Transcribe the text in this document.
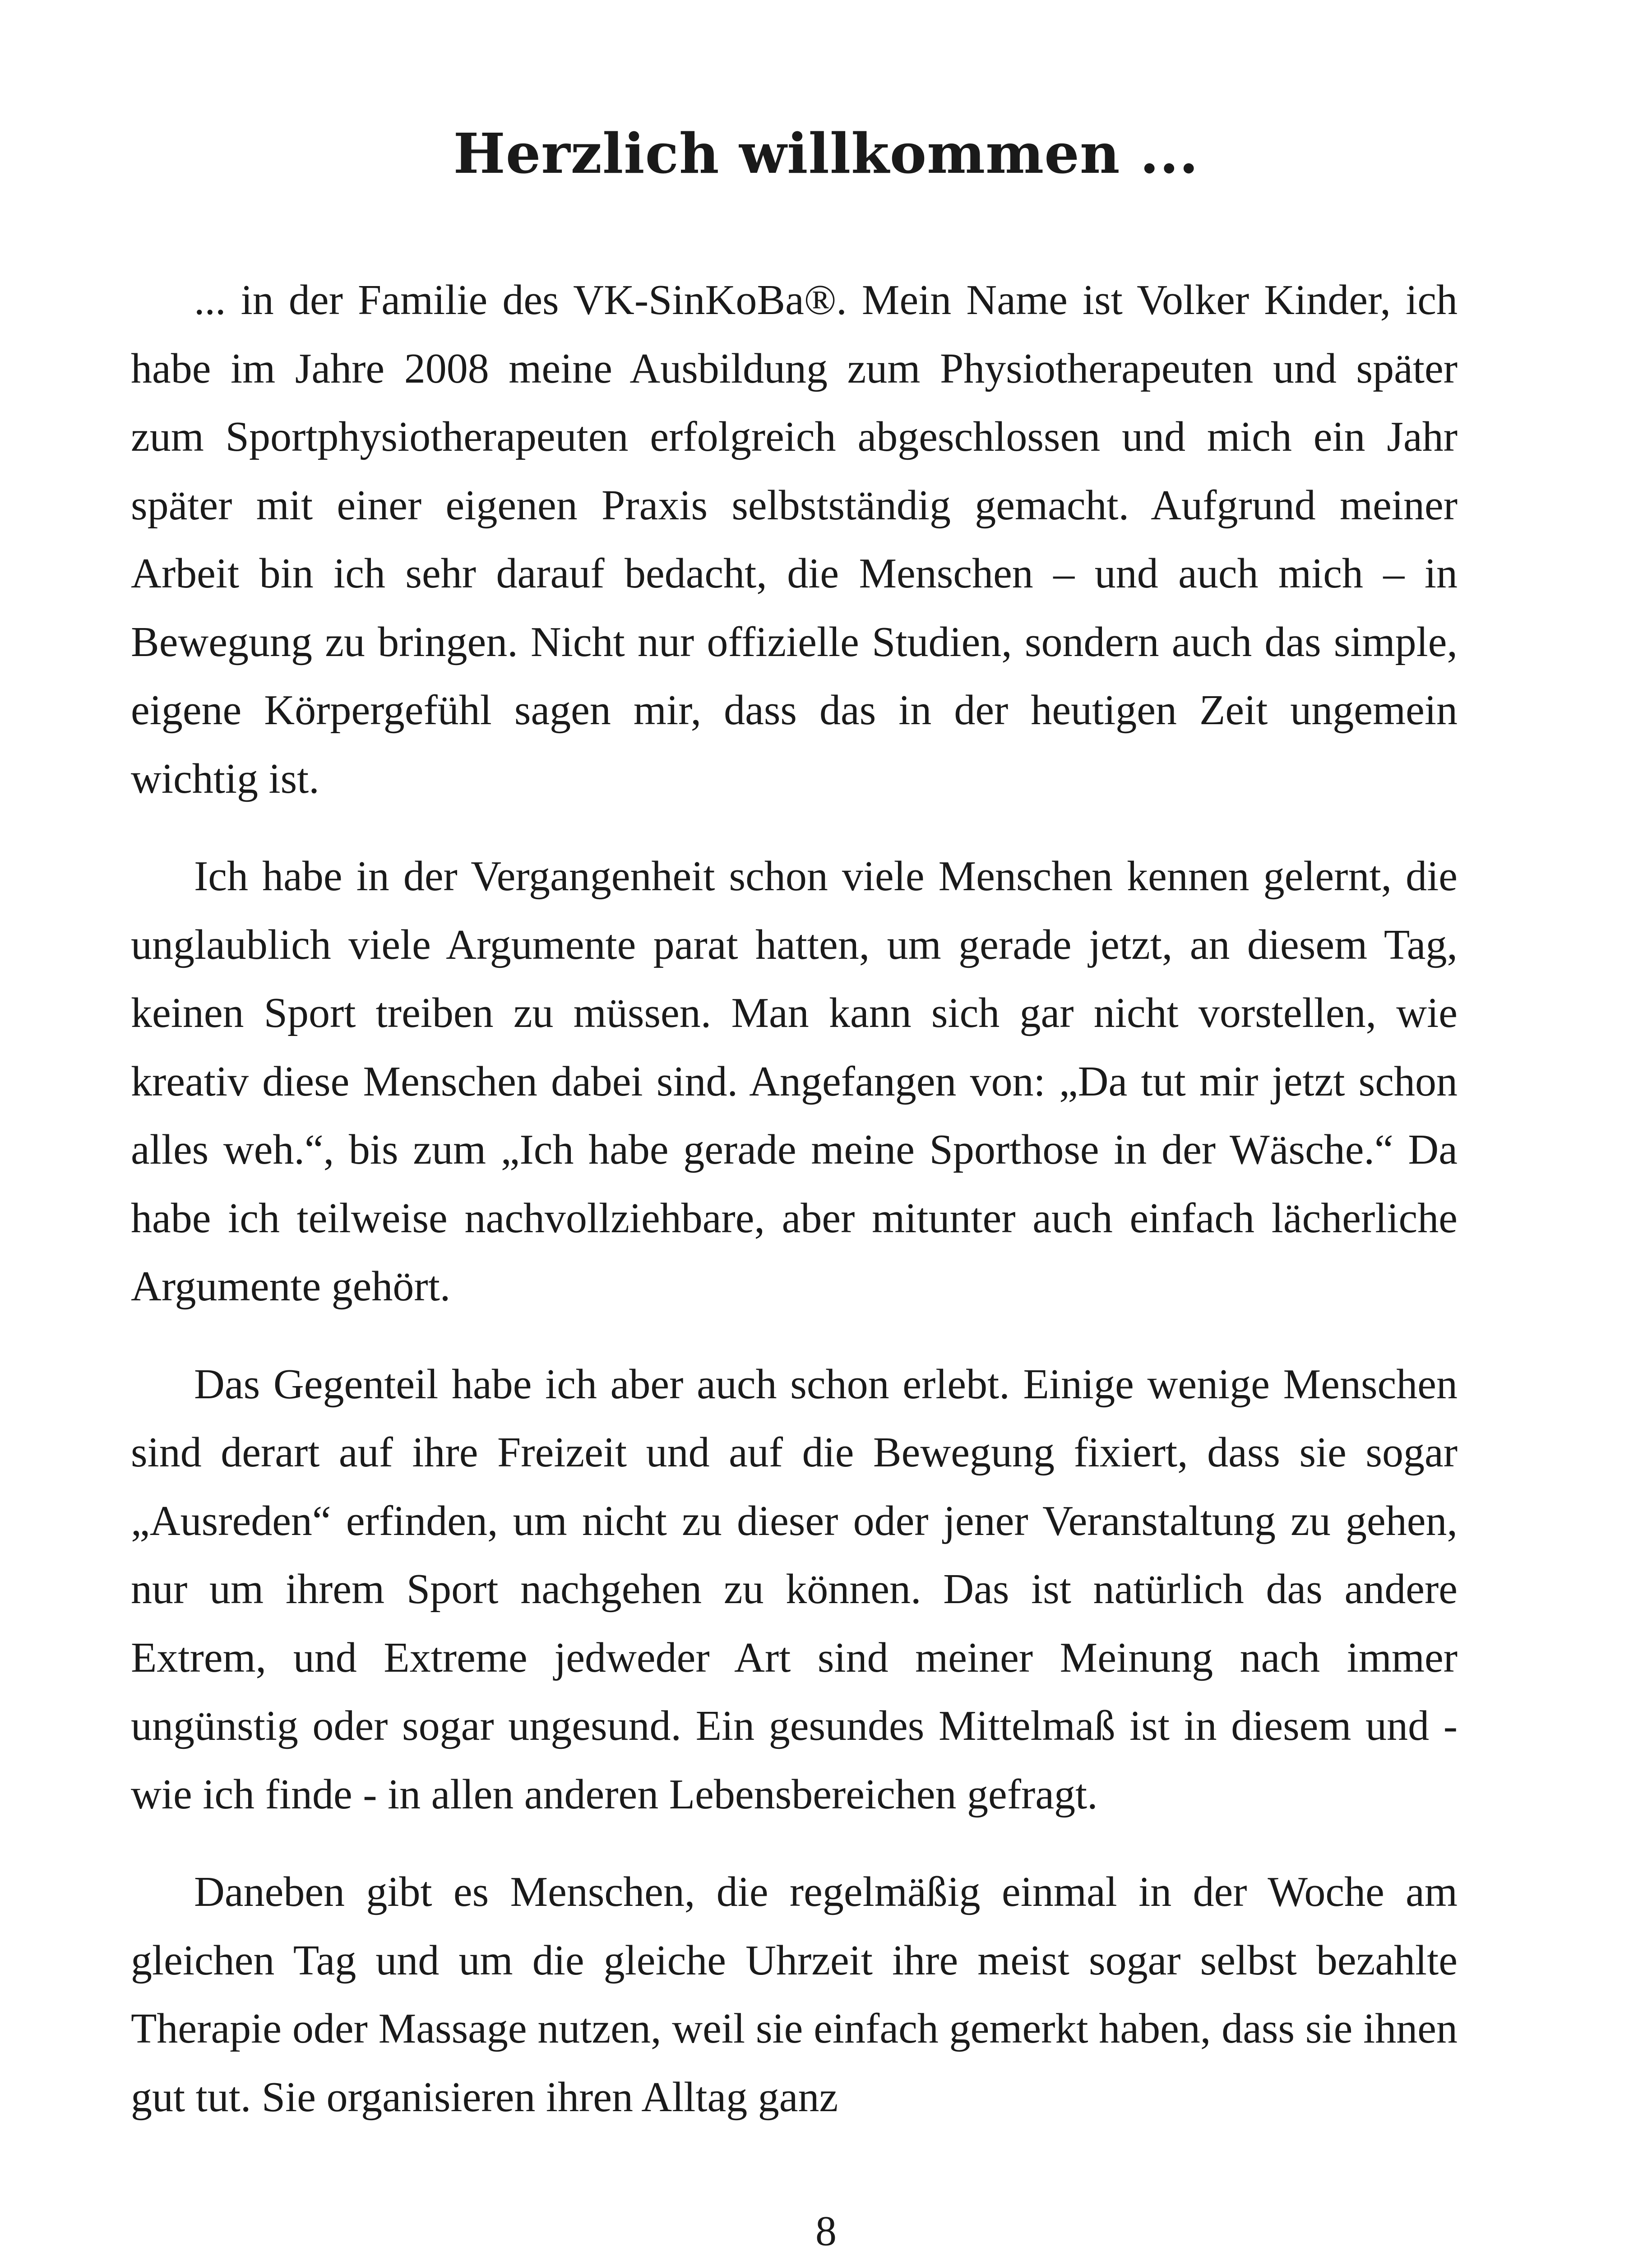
Herzlich willkommen ...

... in der Familie des VK-SinKoBa®. Mein Name ist Volker Kinder, ich habe im Jahre 2008 meine Ausbildung zum Physiotherapeuten und später zum Sportphysiotherapeuten erfolgreich abgeschlossen und mich ein Jahr später mit einer eigenen Praxis selbstständig gemacht. Aufgrund meiner Arbeit bin ich sehr darauf bedacht, die Menschen – und auch mich – in Bewegung zu bringen. Nicht nur offizielle Studien, sondern auch das simple, eigene Körpergefühl sagen mir, dass das in der heutigen Zeit ungemein wichtig ist.

Ich habe in der Vergangenheit schon viele Menschen kennen gelernt, die unglaublich viele Argumente parat hatten, um gerade jetzt, an diesem Tag, keinen Sport treiben zu müssen. Man kann sich gar nicht vorstellen, wie kreativ diese Menschen dabei sind. Angefangen von: „Da tut mir jetzt schon alles weh.“, bis zum „Ich habe gerade meine Sporthose in der Wäsche.“ Da habe ich teilweise nachvollziehbare, aber mitunter auch einfach lächerliche Argumente gehört.

Das Gegenteil habe ich aber auch schon erlebt. Einige wenige Menschen sind derart auf ihre Freizeit und auf die Bewegung fixiert, dass sie sogar „Ausreden“ erfinden, um nicht zu dieser oder jener Veranstaltung zu gehen, nur um ihrem Sport nachgehen zu können. Das ist natürlich das andere Extrem, und Extreme jedweder Art sind meiner Meinung nach immer ungünstig oder sogar ungesund. Ein gesundes Mittelmaß ist in diesem und - wie ich finde - in allen anderen Lebensbereichen gefragt.

Daneben gibt es Menschen, die regelmäßig einmal in der Woche am gleichen Tag und um die gleiche Uhrzeit ihre meist sogar selbst bezahlte Therapie oder Massage nutzen, weil sie einfach gemerkt haben, dass sie ihnen gut tut. Sie organisieren ihren Alltag ganz

8
